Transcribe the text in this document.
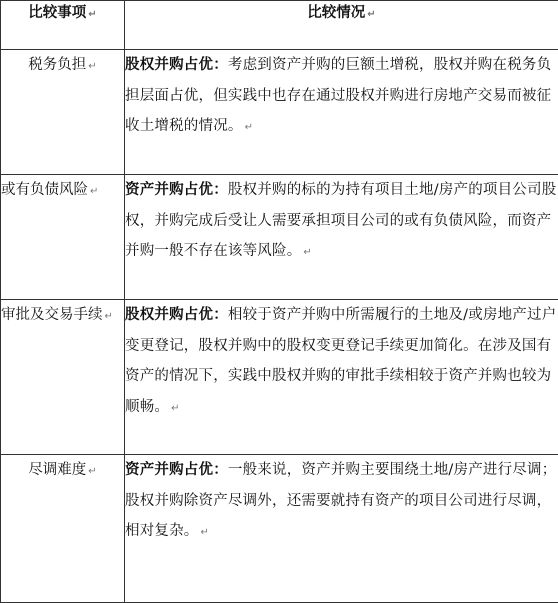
比较事项 ↵	比较情况 ↵
税务负担 ↵	股权并购占优：考虑到资产并购的巨额土增税，股权并购在税务负担层面占优，但实践中也存在通过股权并购进行房地产交易而被征收土增税的情况。 ↵
或有负债风险 ↵	资产并购占优：股权并购的标的为持有项目土地/房产的项目公司股权，并购完成后受让人需要承担项目公司的或有负债风险，而资产并购一般不存在该等风险。 ↵
审批及交易手续 ↵	股权并购占优：相较于资产并购中所需履行的土地及/或房地产过户变更登记，股权并购中的股权变更登记手续更加简化。在涉及国有资产的情况下，实践中股权并购的审批手续相较于资产并购也较为顺畅。 ↵
尽调难度 ↵	资产并购占优：一般来说，资产并购主要围绕土地/房产进行尽调；股权并购除资产尽调外，还需要就持有资产的项目公司进行尽调，相对复杂。 ↵
